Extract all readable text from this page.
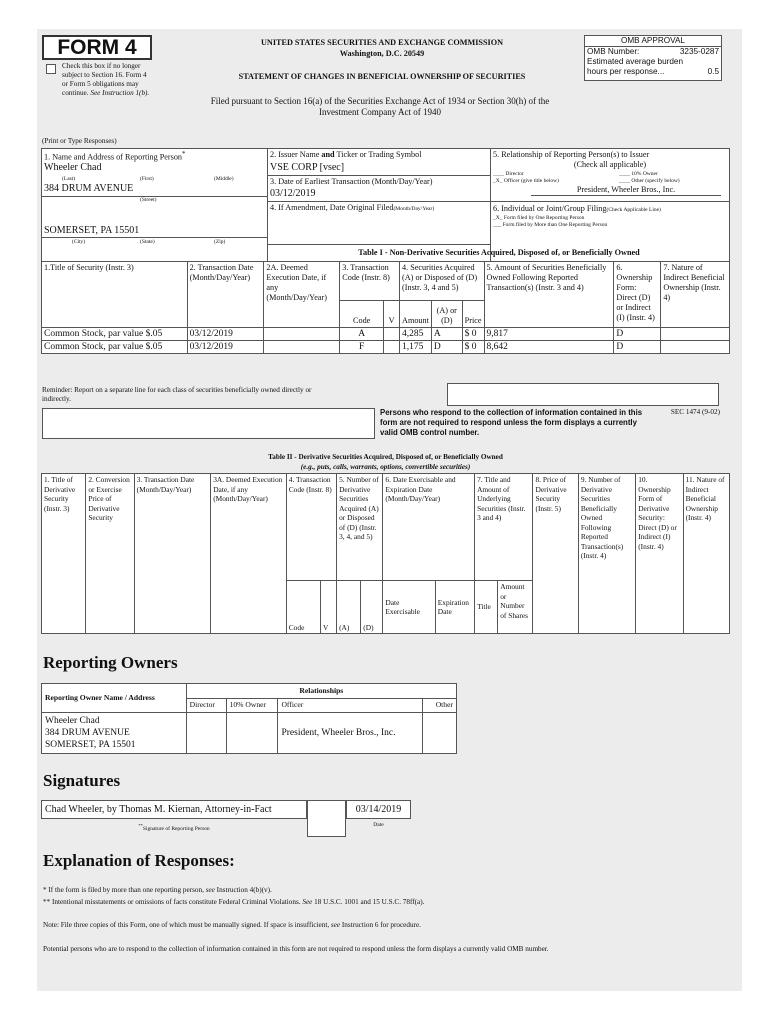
FORM 4
Check this box if no longer subject to Section 16. Form 4 or Form 5 obligations may continue. See Instruction 1(b).
UNITED STATES SECURITIES AND EXCHANGE COMMISSION
Washington, D.C. 20549
STATEMENT OF CHANGES IN BENEFICIAL OWNERSHIP OF SECURITIES
Filed pursuant to Section 16(a) of the Securities Exchange Act of 1934 or Section 30(h) of the
Investment Company Act of 1940
OMB APPROVAL
OMB Number:	3235-0287
Estimated average burden
hours per response...	0.5
(Print or Type Responses)
1. Name and Address of Reporting Person*
Wheeler Chad
(Last)	(First)	(Middle)
384 DRUM AVENUE
(Street)
SOMERSET, PA 15501
(City)	(State)	(Zip)
2. Issuer Name and Ticker or Trading Symbol
VSE CORP [vsec]
3. Date of Earliest Transaction (Month/Day/Year)
03/12/2019
4. If Amendment, Date Original Filed(Month/Day/Year)
5. Relationship of Reporting Person(s) to Issuer
(Check all applicable)
____ Director	____ 10% Owner
_X_ Officer (give title below)	____ Other (specify below)
President, Wheeler Bros., Inc.
6. Individual or Joint/Group Filing(Check Applicable Line)
_X_ Form filed by One Reporting Person
___ Form filed by More than One Reporting Person
Table I - Non-Derivative Securities Acquired, Disposed of, or Beneficially Owned
1.Title of Security (Instr. 3)	2. Transaction Date (Month/Day/Year)	2A. Deemed Execution Date, if any (Month/Day/Year)	3. Transaction Code (Instr. 8)		4. Securities Acquired (A) or Disposed of (D) (Instr. 3, 4 and 5)			5. Amount of Securities Beneficially Owned Following Reported Transaction(s) (Instr. 3 and 4)	6. Ownership Form: Direct (D) or Indirect (I) (Instr. 4)	7. Nature of Indirect Beneficial Ownership (Instr. 4)
			Code	V	Amount	(A) or (D)	Price			
Common Stock, par value $.05	03/12/2019		A		4,285	A	$ 0	9,817	D	
Common Stock, par value $.05	03/12/2019		F		1,175	D	$ 0	8,642	D	
Reminder: Report on a separate line for each class of securities beneficially owned directly or indirectly.
Persons who respond to the collection of information contained in this form are not required to respond unless the form displays a currently valid OMB control number.
SEC 1474 (9-02)
Table II - Derivative Securities Acquired, Disposed of, or Beneficially Owned
(e.g., puts, calls, warrants, options, convertible securities)
1. Title of Derivative Security (Instr. 3)	2. Conversion or Exercise Price of Derivative Security	3. Transaction Date (Month/Day/Year)	3A. Deemed Execution Date, if any (Month/Day/Year)	4. Transaction Code (Instr. 8)		5. Number of Derivative Securities Acquired (A) or Disposed of (D) (Instr. 3, 4, and 5)		6. Date Exercisable and Expiration Date (Month/Day/Year)		7. Title and Amount of Underlying Securities (Instr. 3 and 4)		8. Price of Derivative Security (Instr. 5)	9. Number of Derivative Securities Beneficially Owned Following Reported Transaction(s) (Instr. 4)	10. Ownership Form of Derivative Security: Direct (D) or Indirect (I) (Instr. 4)	11. Nature of Indirect Beneficial Ownership (Instr. 4)
				Code	V	(A)	(D)	Date Exercisable	Expiration Date	Title	Amount or Number of Shares				
Reporting Owners
Reporting Owner Name / Address	Relationships			
	Director	10% Owner	Officer	Other

Wheeler Chad
384 DRUM AVENUE
SOMERSET, PA 15501			President, Wheeler Bros., Inc.	
Signatures
Chad Wheeler, by Thomas M. Kiernan, Attorney-in-Fact
**Signature of Reporting Person
03/14/2019
Date
Explanation of Responses:
* If the form is filed by more than one reporting person, see Instruction 4(b)(v).
** Intentional misstatements or omissions of facts constitute Federal Criminal Violations. See 18 U.S.C. 1001 and 15 U.S.C. 78ff(a).
Note: File three copies of this Form, one of which must be manually signed. If space is insufficient, see Instruction 6 for procedure.
Potential persons who are to respond to the collection of information contained in this form are not required to respond unless the form displays a currently valid OMB number.
